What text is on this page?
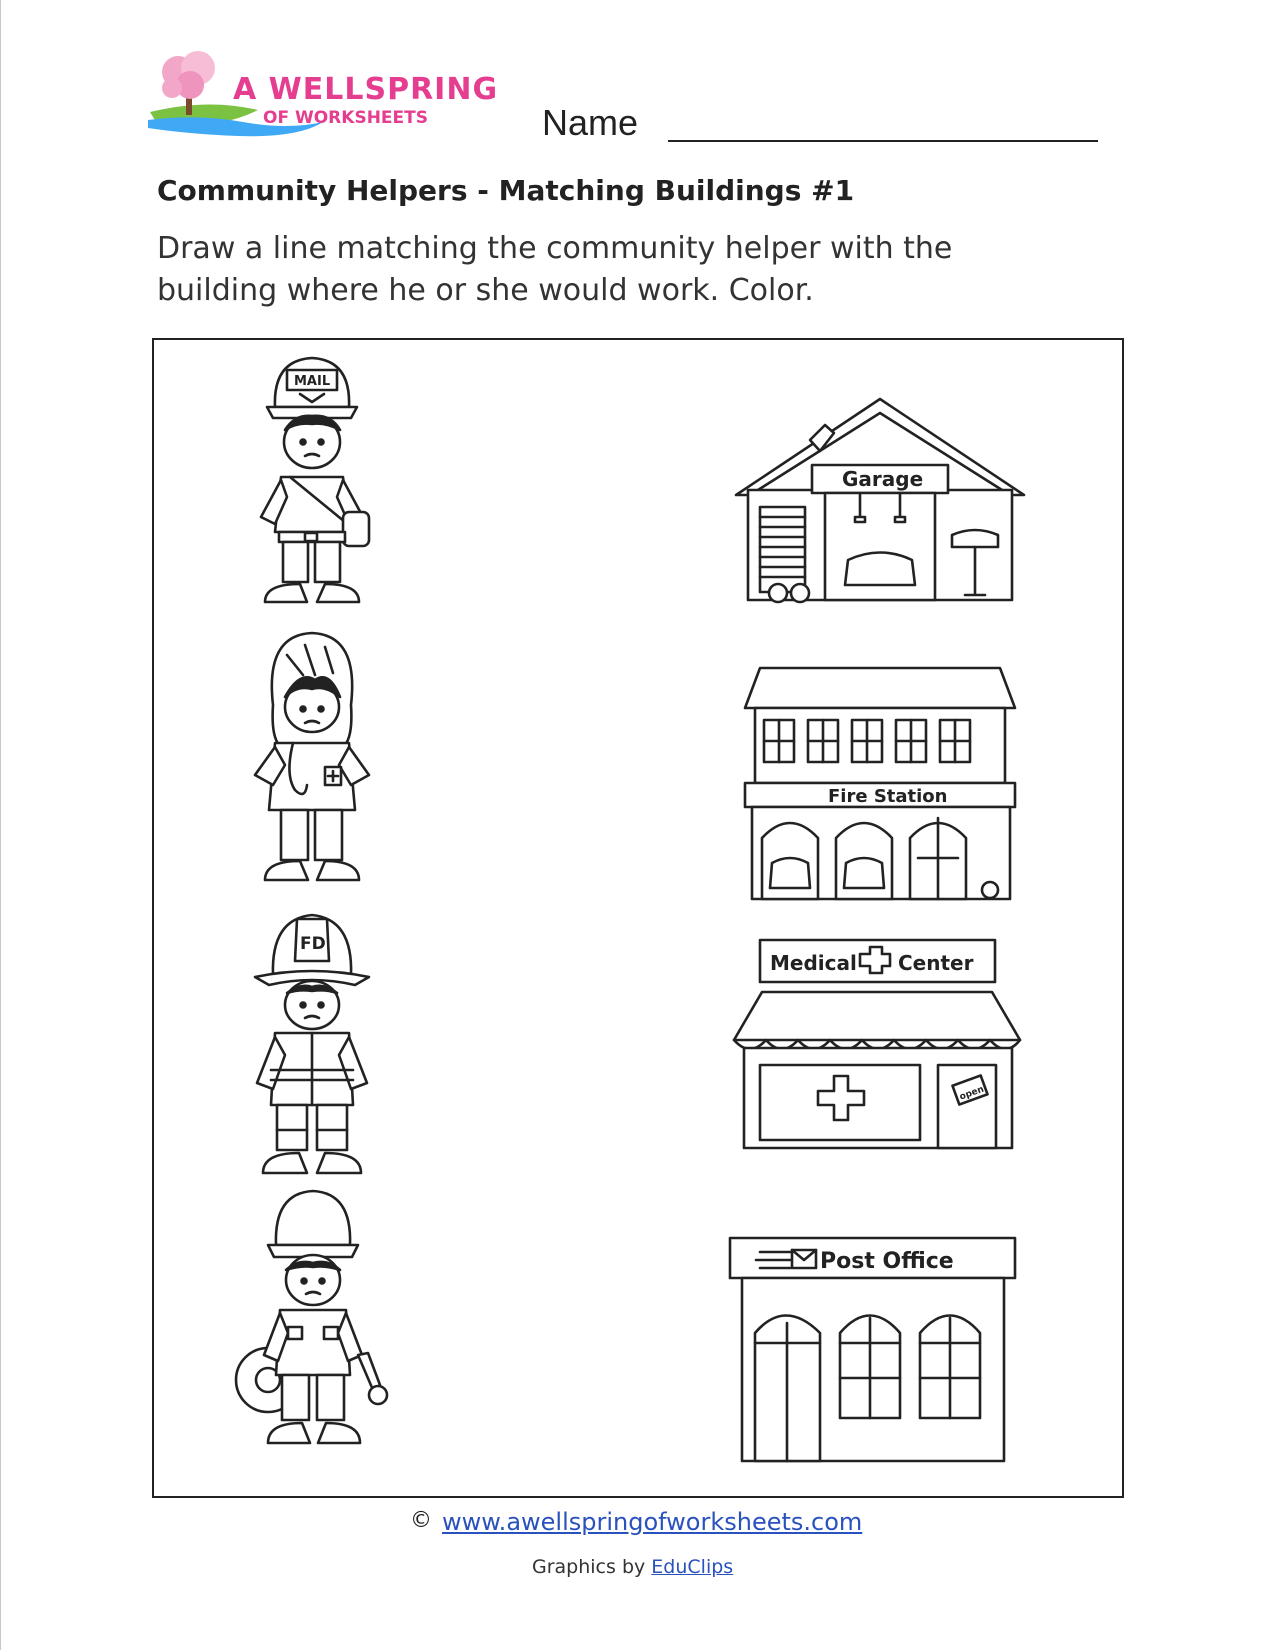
A WELLSPRING
OF WORKSHEETS	Name
Community Helpers - Matching Buildings #1
Draw a line matching the community helper with the
building where he or she would work. Color.
MAIL
FD
Garage
Fire Station
Medical Center
open
Post Office
© www.awellspringofworksheets.com
Graphics by EduClips
